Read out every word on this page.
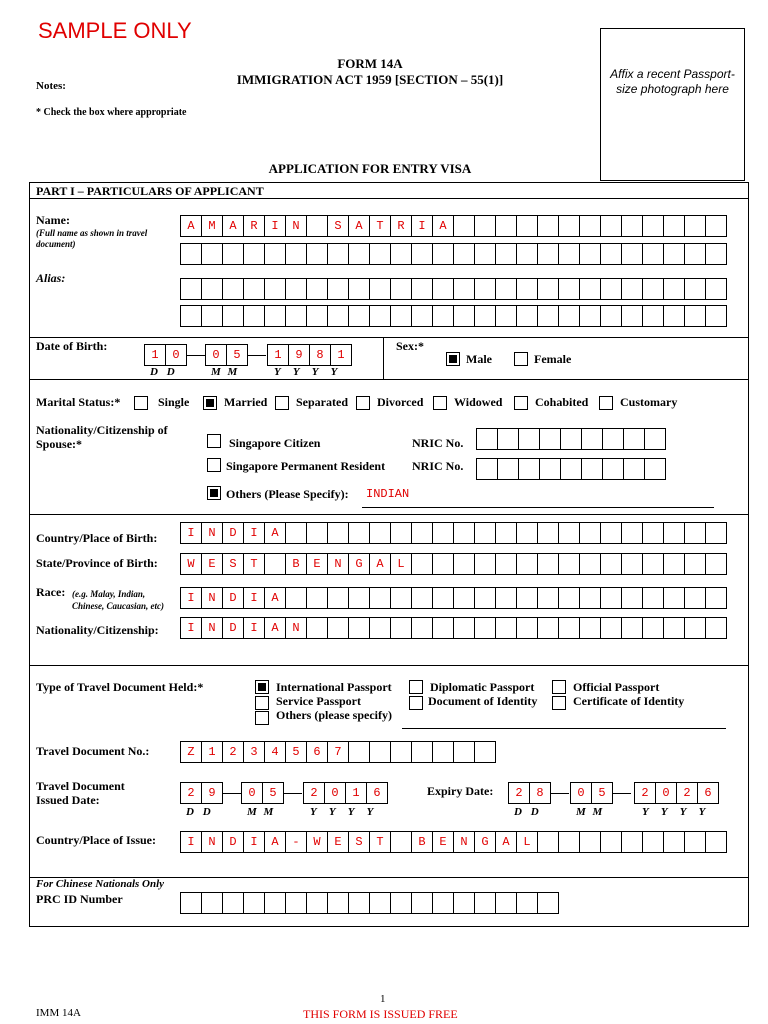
SAMPLE ONLY
FORM 14A
IMMIGRATION ACT 1959 [SECTION – 55(1)]
Notes:
* Check the box where appropriate
Affix a recent Passport-size photograph here
APPLICATION FOR ENTRY VISA
PART I – PARTICULARS OF APPLICANT
Name:
(Full name as shown in travel document)
A	M	A	R	I	N	S	A	T	R	I	A
Alias:
Date of Birth:
1	0	0	5	1	9	8	1
D D	M M	Y Y Y Y
Sex:*
Male	Female
Marital Status:*	Single	Married Separated Divorced	Widowed	Cohabited	Customary
Nationality/Citizenship of Spouse:*	Singapore Citizen	NRIC No.
Singapore Permanent Resident NRIC No.
Others (Please Specify): INDIAN
Country/Place of Birth:	I	N	D	I	A
State/Province of Birth:	W	E	S	T	B	E	N	G	A	L
Race: (e.g. Malay, Indian, Chinese, Caucasian, etc)
I	N	D	I	A
Nationality/Citizenship:	I	N	D	I	A	N
Type of Travel Document Held:*	International Passport	Diplomatic Passport	Official Passport
Service Passport	Document of Identity	Certificate of Identity
Others (please specify)
Travel Document No.:	Z	1	2	3	4	5	6	7
Travel Document Issued Date:	2	9	0	5	2	0	1	6
D D	M M	Y Y Y Y
Expiry Date:	2	8	0	5	2	0	2	6
D D	M M	Y Y Y Y
Country/Place of Issue:	I	N	D	I	A	-	W	E	S	T	B	E	N	G	A	L
For Chinese Nationals Only
PRC ID Number
1
IMM 14A	THIS FORM IS ISSUED FREE
